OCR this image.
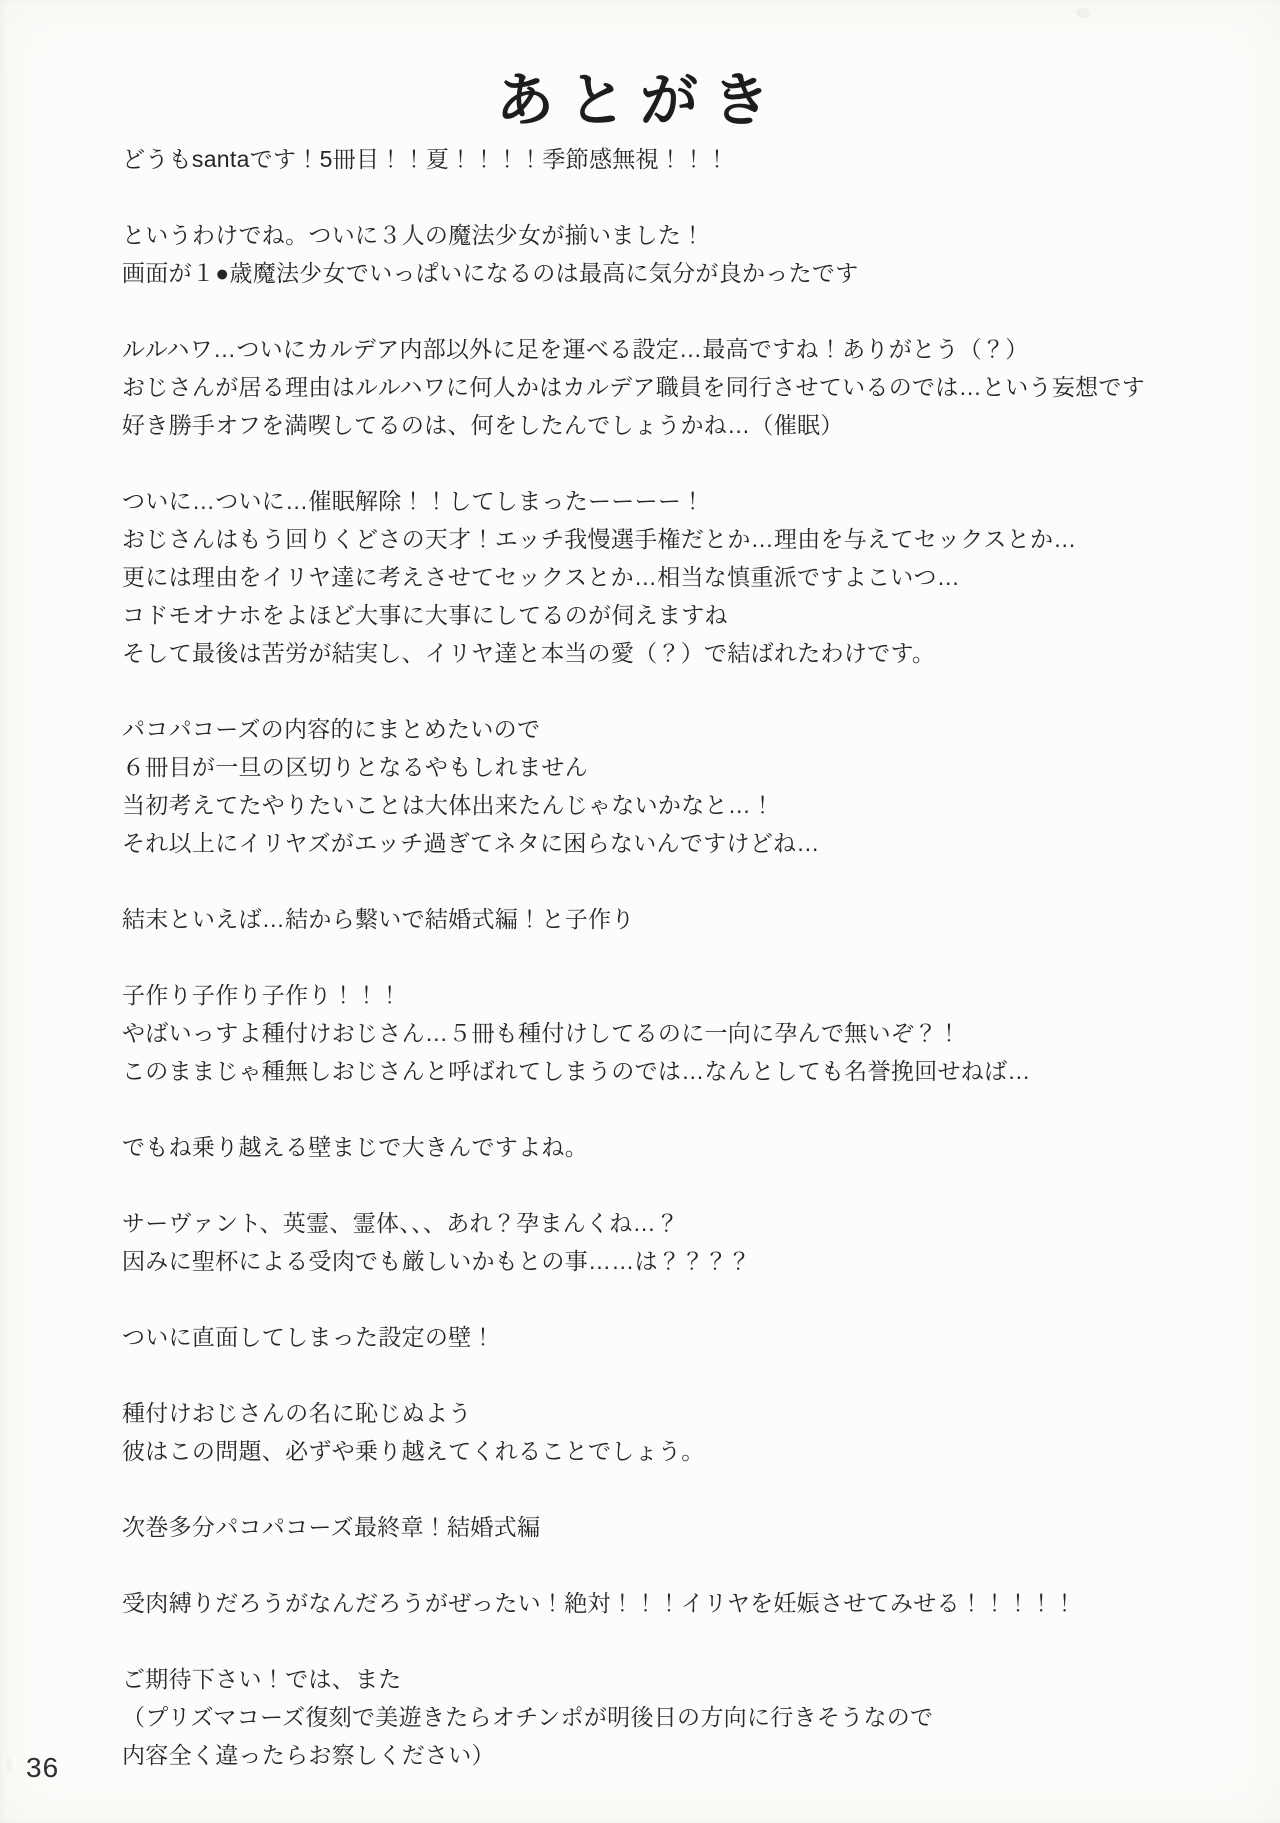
あとがき

どうもsantaです！5冊目！！夏！！！！季節感無視！！！

というわけでね。ついに３人の魔法少女が揃いました！
画面が１●歳魔法少女でいっぱいになるのは最高に気分が良かったです

ルルハワ…ついにカルデア内部以外に足を運べる設定…最高ですね！ありがとう（？）
おじさんが居る理由はルルハワに何人かはカルデア職員を同行させているのでは…という妄想です
好き勝手オフを満喫してるのは、何をしたんでしょうかね…（催眠）

ついに…ついに…催眠解除！！してしまったーーーー！
おじさんはもう回りくどさの天才！エッチ我慢選手権だとか…理由を与えてセックスとか…
更には理由をイリヤ達に考えさせてセックスとか…相当な慎重派ですよこいつ…
コドモオナホをよほど大事に大事にしてるのが伺えますね
そして最後は苦労が結実し、イリヤ達と本当の愛（？）で結ばれたわけです。

パコパコーズの内容的にまとめたいので
６冊目が一旦の区切りとなるやもしれません
当初考えてたやりたいことは大体出来たんじゃないかなと…！
それ以上にイリヤズがエッチ過ぎてネタに困らないんですけどね…

結末といえば…結から繋いで結婚式編！と子作り

子作り子作り子作り！！！
やばいっすよ種付けおじさん…５冊も種付けしてるのに一向に孕んで無いぞ？！
このままじゃ種無しおじさんと呼ばれてしまうのでは…なんとしても名誉挽回せねば…

でもね乗り越える壁まじで大きんですよね。

サーヴァント、英霊、霊体、、、あれ？孕まんくね…？
因みに聖杯による受肉でも厳しいかもとの事……は？？？？

ついに直面してしまった設定の壁！

種付けおじさんの名に恥じぬよう
彼はこの問題、必ずや乗り越えてくれることでしょう。

次巻多分パコパコーズ最終章！結婚式編

受肉縛りだろうがなんだろうがぜったい！絶対！！！イリヤを妊娠させてみせる！！！！！

ご期待下さい！では、また
（プリズマコーズ復刻で美遊きたらオチンポが明後日の方向に行きそうなので
内容全く違ったらお察しください）

36
